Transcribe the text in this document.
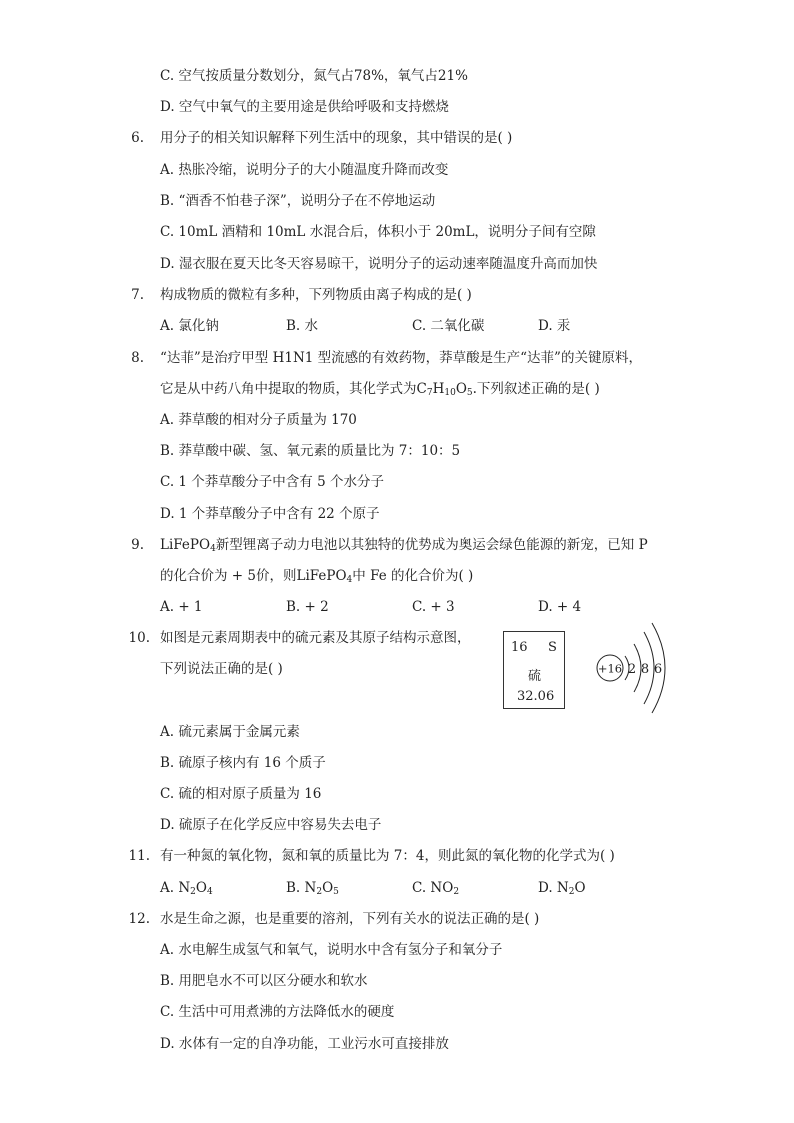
C. 空气按质量分数划分，氮气占78%，氧气占21%
D. 空气中氧气的主要用途是供给呼吸和支持燃烧
6. 用分子的相关知识解释下列生活中的现象，其中错误的是( )
A. 热胀冷缩，说明分子的大小随温度升降而改变
B. “酒香不怕巷子深”，说明分子在不停地运动
C. 10mL 酒精和 10mL 水混合后，体积小于 20mL，说明分子间有空隙
D. 湿衣服在夏天比冬天容易晾干，说明分子的运动速率随温度升高而加快
7. 构成物质的微粒有多种，下列物质由离子构成的是( )
A. 氯化钠	B. 水	C. 二氧化碳	D. 汞
8. “达菲”是治疗甲型 H1N1 型流感的有效药物，莽草酸是生产“达菲”的关键原料，
它是从中药八角中提取的物质，其化学式为$C_7H_{10}O_5$.下列叙述正确的是( )
A. 莽草酸的相对分子质量为 170
B. 莽草酸中碳、氢、氧元素的质量比为 7：10：5
C. 1 个莽草酸分子中含有 5 个水分子
D. 1 个莽草酸分子中含有 22 个原子
9. LiFePO$_4$新型锂离子动力电池以其独特的优势成为奥运会绿色能源的新宠，已知 P
的化合价为 + 5价，则LiFePO$_4$中 Fe 的化合价为( )
A. + 1	B. + 2	C. + 3	D. + 4
10. 如图是元素周期表中的硫元素及其原子结构示意图，
下列说法正确的是( )
16 S
硫
32.06
+16 2 8 6
A. 硫元素属于金属元素
B. 硫原子核内有 16 个质子
C. 硫的相对原子质量为 16
D. 硫原子在化学反应中容易失去电子
11. 有一种氮的氧化物，氮和氧的质量比为 7：4，则此氮的氧化物的化学式为( )
A. $N_2O_4$	B. $N_2O_5$	C. $NO_2$	D. $N_2O$
12. 水是生命之源，也是重要的溶剂，下列有关水的说法正确的是( )
A. 水电解生成氢气和氧气，说明水中含有氢分子和氧分子
B. 用肥皂水不可以区分硬水和软水
C. 生活中可用煮沸的方法降低水的硬度
D. 水体有一定的自净功能，工业污水可直接排放
